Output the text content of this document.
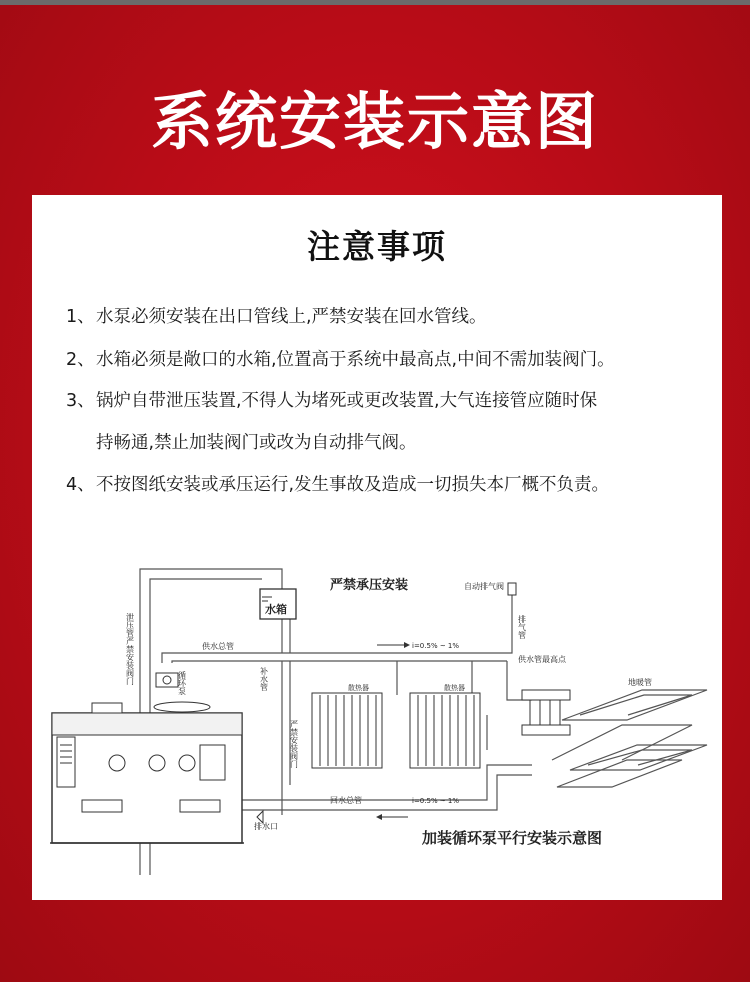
系统安装示意图
注意事项
1、水泵必须安装在出口管线上,严禁安装在回水管线。
2、水箱必须是敞口的水箱,位置高于系统中最高点,中间不需加装阀门。
3、锅炉自带泄压装置,不得人为堵死或更改装置,大气连接管应随时保
持畅通,禁止加装阀门或改为自动排气阀。
4、不按图纸安装或承压运行,发生事故及造成一切损失本厂概不负责。
水箱
严禁承压安装	自动排气阀
排气管
泄压管严禁安装阀门	供水总管	i=0.5% ~ 1%
循环泵	补水管
严禁安装阀门
散热器	散热器
供水管最高点
地暖管
回水总管	i=0.5% ~ 1%
排水口
加装循环泵平行安装示意图
